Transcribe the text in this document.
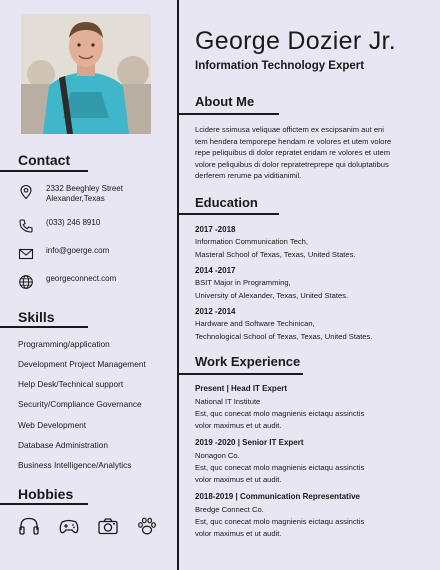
Contact
2332 Beeghley Street
Alexander,Texas
(033) 246 8910
info@goerge.com
georgeconnect.com
Skills
Programming/application
Development Project Management
Help Desk/Technical support
Security/Compliance Governance
Web Development
Database Administration
Business Intelligence/Analytics
Hobbies
George Dozier Jr.
Information Technology Expert
About Me
Lcidere ssimusa veliquae offictem ex escipsanim aut eni
tem hendera temporepe hendam re volores et utem volore
repe peliquibus di dolor repratet endam re volores et utem
volore peliquibus di dolor repratetreprepe qui doluptatibus
derferem rerume pa viditianimil.
Education
2017 -2018
Information Communication Tech,
Masteral School of Texas, Texas, United States.
2014 -2017
BSIT Major in Programming,
University of Alexander, Texas, United States.
2012 -2014
Hardware and Software Techinican,
Technological School of Texas, Texas, United States.
Work Experience
Present | Head IT Expert
National IT Institute
Est, quc conecat molo magnienis eictaqu assinctis
volor maximus et ut audit.
2019 -2020 | Senior IT Expert
Nonagon Co.
Est, quc conecat molo magnienis eictaqu assinctis
volor maximus et ut audit.
2018-2019 | Communication Representative
Bredge Connect Co.
Est, quc conecat molo magnienis eictaqu assinctis
volor maximus et ut audit.
